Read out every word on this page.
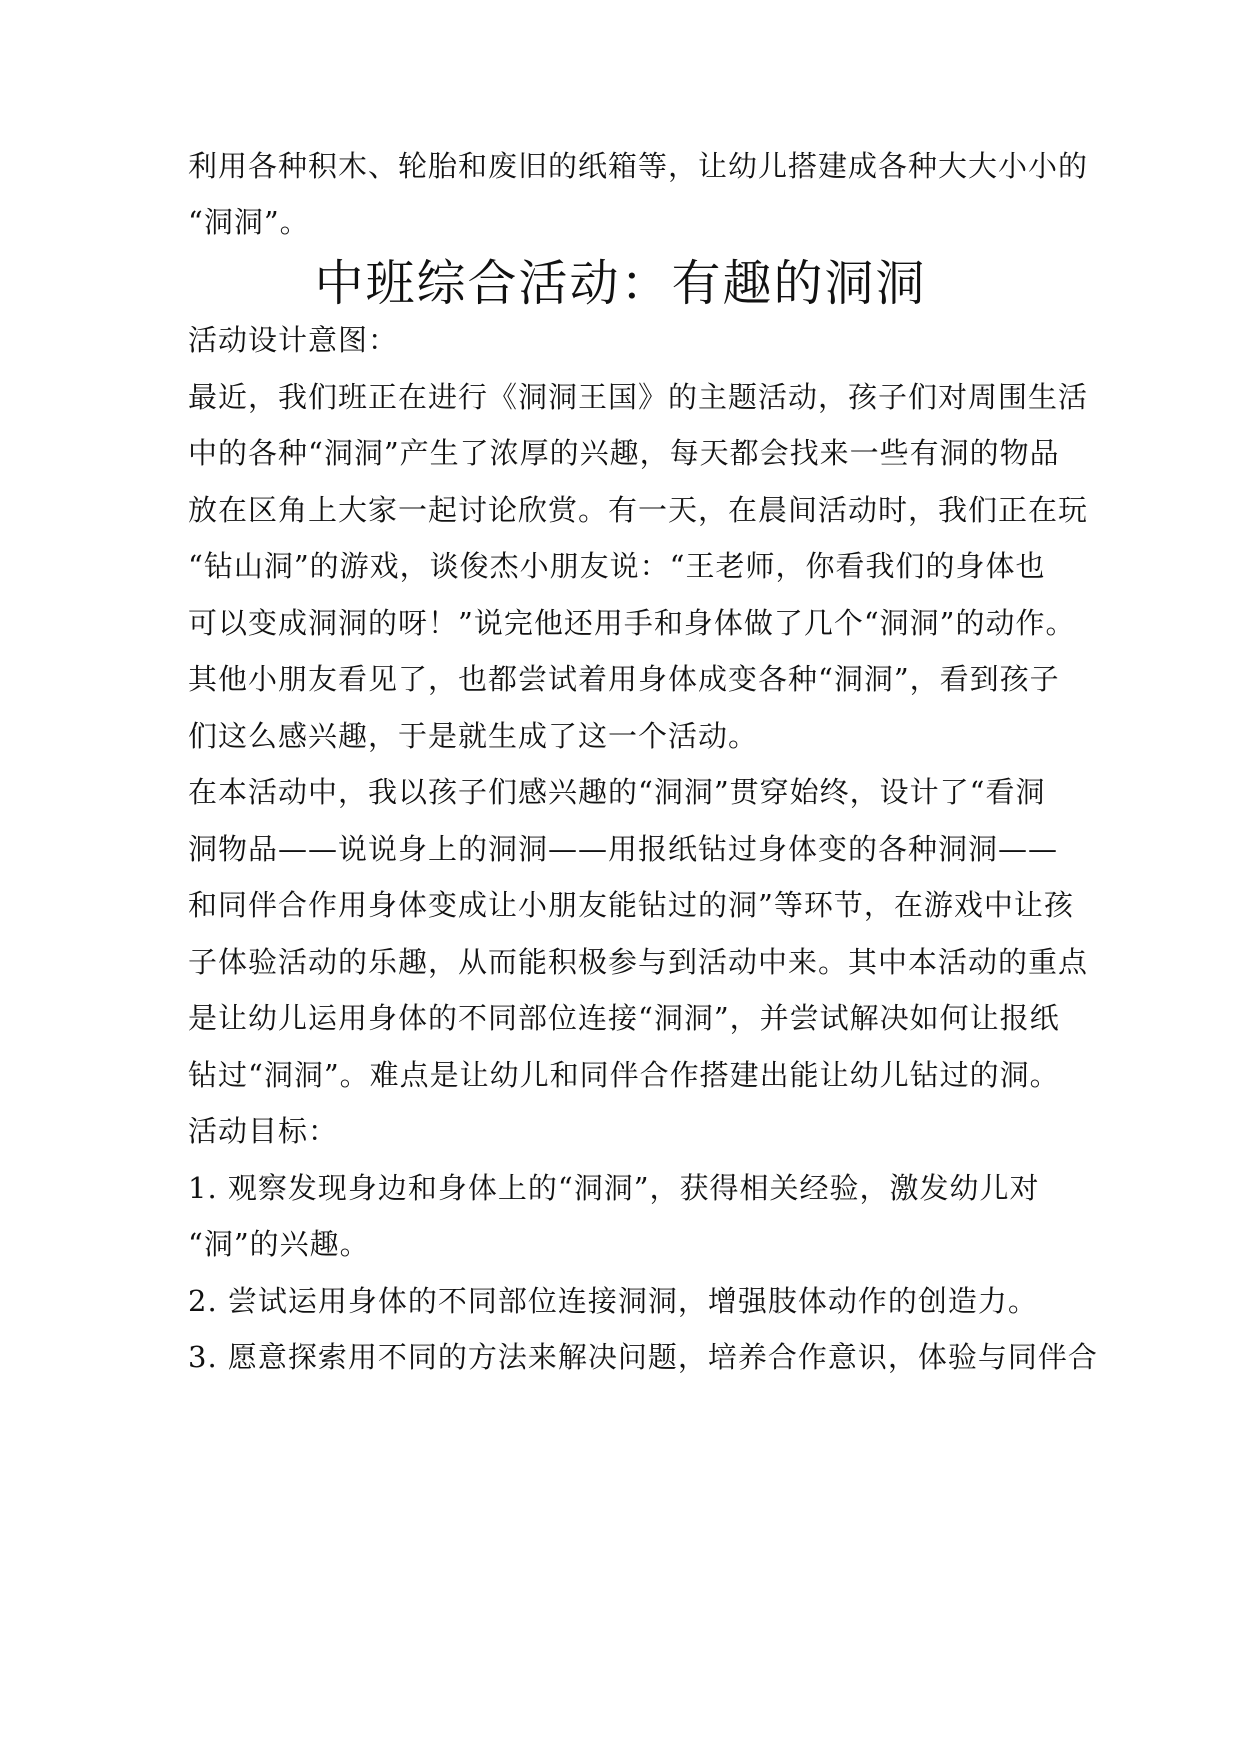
利用各种积木、轮胎和废旧的纸箱等，让幼儿搭建成各种大大小小的
“洞洞”。
中班综合活动：有趣的洞洞
活动设计意图：
最近，我们班正在进行《洞洞王国》的主题活动，孩子们对周围生活
中的各种“洞洞”产生了浓厚的兴趣，每天都会找来一些有洞的物品
放在区角上大家一起讨论欣赏。有一天，在晨间活动时，我们正在玩
“钻山洞”的游戏，谈俊杰小朋友说：“王老师，你看我们的身体也
可以变成洞洞的呀！”说完他还用手和身体做了几个“洞洞”的动作。
其他小朋友看见了，也都尝试着用身体成变各种“洞洞”，看到孩子
们这么感兴趣，于是就生成了这一个活动。
在本活动中，我以孩子们感兴趣的“洞洞”贯穿始终，设计了“看洞
洞物品——说说身上的洞洞——用报纸钻过身体变的各种洞洞——
和同伴合作用身体变成让小朋友能钻过的洞”等环节，在游戏中让孩
子体验活动的乐趣，从而能积极参与到活动中来。其中本活动的重点
是让幼儿运用身体的不同部位连接“洞洞”，并尝试解决如何让报纸
钻过“洞洞”。难点是让幼儿和同伴合作搭建出能让幼儿钻过的洞。
活动目标：
1. 观察发现身边和身体上的“洞洞”，获得相关经验，激发幼儿对
“洞”的兴趣。
2. 尝试运用身体的不同部位连接洞洞，增强肢体动作的创造力。
3. 愿意探索用不同的方法来解决问题，培养合作意识，体验与同伴合
